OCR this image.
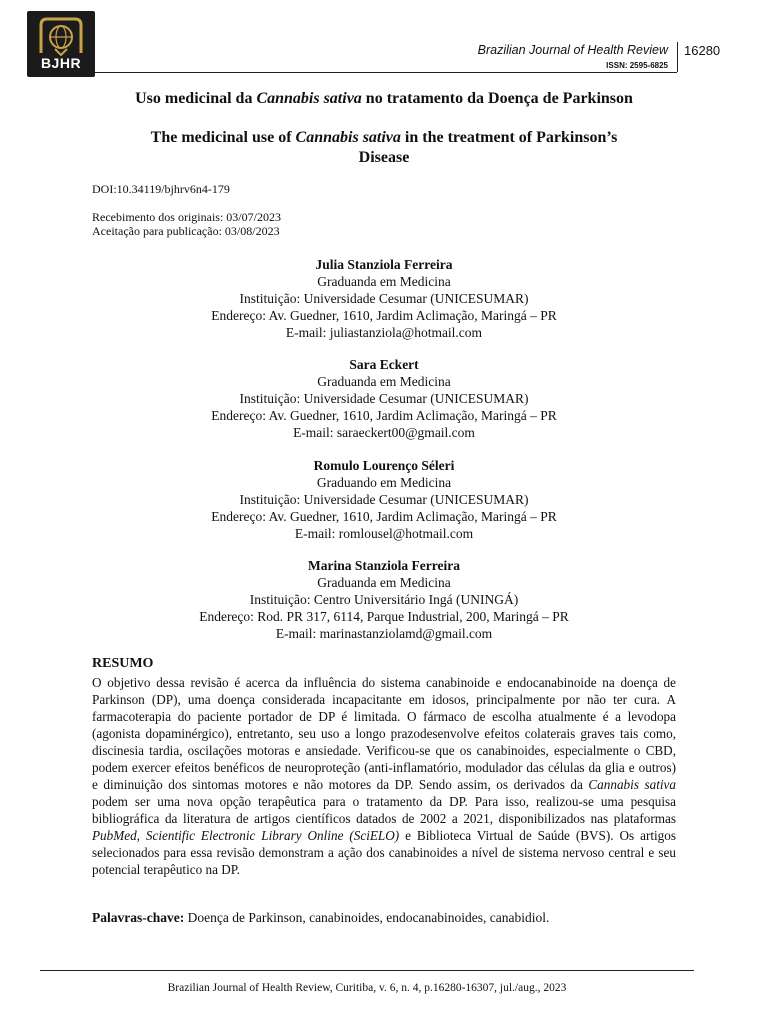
BJHR
Brazilian Journal of Health Review
ISSN: 2595-6825
16280
Uso medicinal da Cannabis sativa no tratamento da Doença de Parkinson
The medicinal use of Cannabis sativa in the treatment of Parkinson’s
Disease
DOI:10.34119/bjhrv6n4-179
Recebimento dos originais: 03/07/2023
Aceitação para publicação: 03/08/2023
Julia Stanziola Ferreira
Graduanda em Medicina
Instituição: Universidade Cesumar (UNICESUMAR)
Endereço: Av. Guedner, 1610, Jardim Aclimação, Maringá – PR
E-mail: juliastanziola@hotmail.com
Sara Eckert
Graduanda em Medicina
Instituição: Universidade Cesumar (UNICESUMAR)
Endereço: Av. Guedner, 1610, Jardim Aclimação, Maringá – PR
E-mail: saraeckert00@gmail.com
Romulo Lourenço Séleri
Graduando em Medicina
Instituição: Universidade Cesumar (UNICESUMAR)
Endereço: Av. Guedner, 1610, Jardim Aclimação, Maringá – PR
E-mail: romlousel@hotmail.com
Marina Stanziola Ferreira
Graduanda em Medicina
Instituição: Centro Universitário Ingá (UNINGÁ)
Endereço: Rod. PR 317, 6114, Parque Industrial, 200, Maringá – PR
E-mail: marinastanziolamd@gmail.com
RESUMO
O objetivo dessa revisão é acerca da influência do sistema canabinoide e endocanabinoide na doença de Parkinson (DP), uma doença considerada incapacitante em idosos, principalmente por não ter cura. A farmacoterapia do paciente portador de DP é limitada. O fármaco de escolha atualmente é a levodopa (agonista dopaminérgico), entretanto, seu uso a longo prazodesenvolve efeitos colaterais graves tais como, discinesia tardia, oscilações motoras e ansiedade. Verificou-se que os canabinoides, especialmente o CBD, podem exercer efeitos benéficos de neuroproteção (anti-inflamatório, modulador das células da glia e outros) e diminuição dos sintomas motores e não motores da DP. Sendo assim, os derivados da Cannabis sativa podem ser uma nova opção terapêutica para o tratamento da DP. Para isso, realizou-se uma pesquisa bibliográfica da literatura de artigos científicos datados de 2002 a 2021, disponibilizados nas plataformas PubMed, Scientific Electronic Library Online (SciELO) e Biblioteca Virtual de Saúde (BVS). Os artigos selecionados para essa revisão demonstram a ação dos canabinoides a nível de sistema nervoso central e seu potencial terapêutico na DP.
Palavras-chave: Doença de Parkinson, canabinoides, endocanabinoides, canabidiol.
Brazilian Journal of Health Review, Curitiba, v. 6, n. 4, p.16280-16307, jul./aug., 2023
